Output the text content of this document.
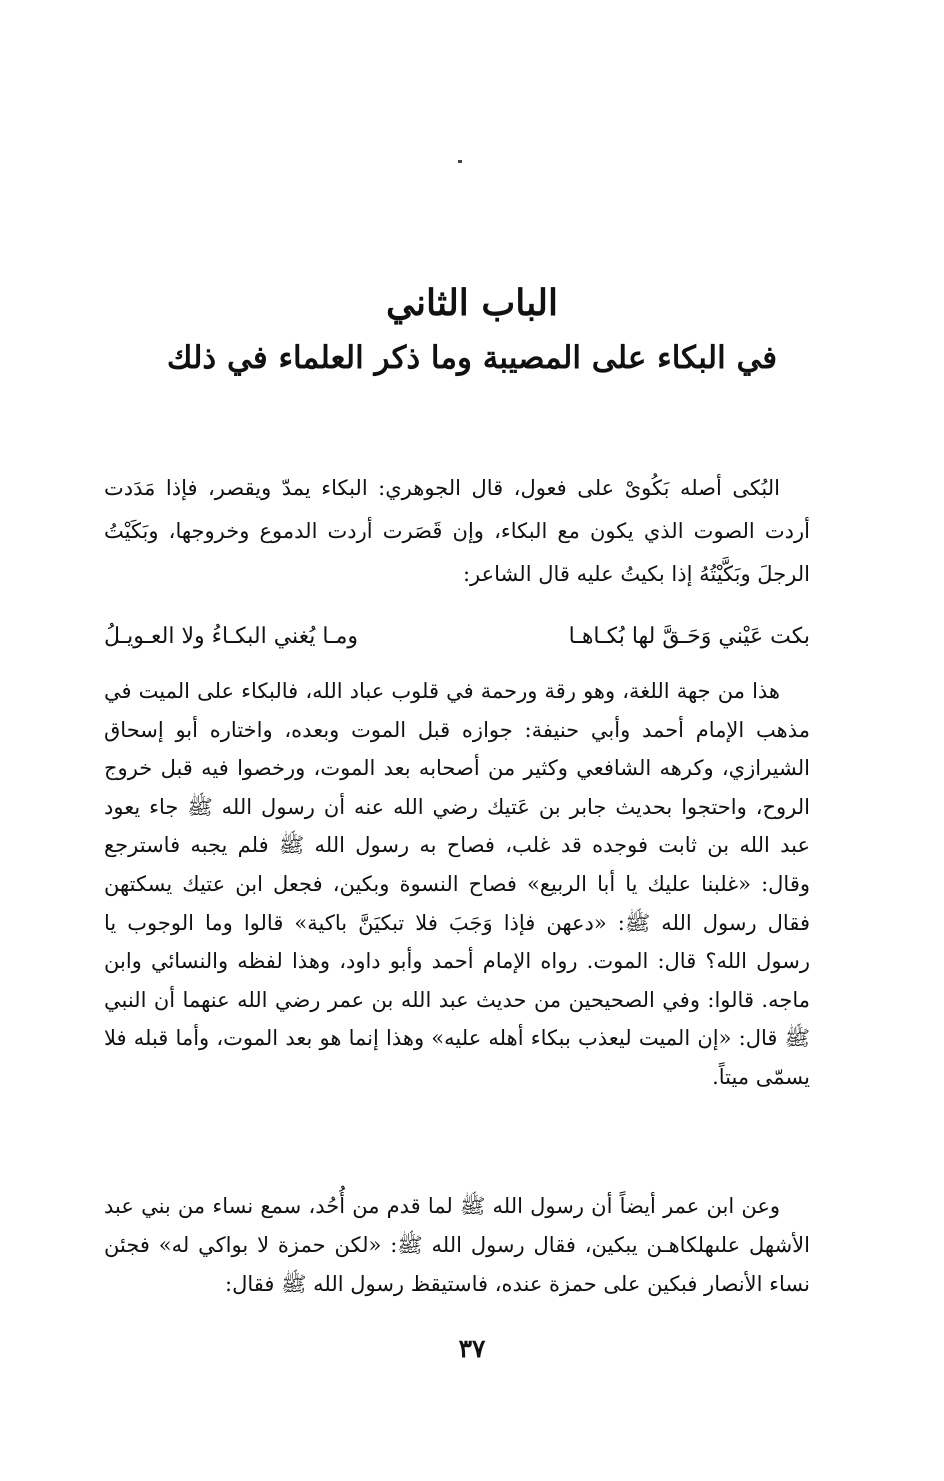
الباب الثاني
في البكاء على المصيبة وما ذكر العلماء في ذلك

البُكى أصله بَكُوىْ على فعول، قال الجوهري: البكاء يمدّ ويقصر، فإذا مَدَدت أردت الصوت الذي يكون مع البكاء، وإن قَصَرت أردت الدموع وخروجها، وبَكَيْتُ الرجلَ وبَكَّيْتُهُ إذا بكيتُ عليه قال الشاعر:

بكت عَيْني وَحَـقَّ لها بُكـاهـا
ومـا يُغني البكـاءُ ولا العـويـلُ

هذا من جهة اللغة، وهو رقة ورحمة في قلوب عباد الله، فالبكاء على الميت في مذهب الإمام أحمد وأبي حنيفة: جوازه قبل الموت وبعده، واختاره أبو إسحاق الشيرازي، وكرهه الشافعي وكثير من أصحابه بعد الموت، ورخصوا فيه قبل خروج الروح، واحتجوا بحديث جابر بن عَتيك رضي الله عنه أن رسول الله ﷺ جاء يعود عبد الله بن ثابت فوجده قد غلب، فصاح به رسول الله ﷺ فلم يجبه فاسترجع وقال: «غلبنا عليك يا أبا الربيع» فصاح النسوة وبكين، فجعل ابن عتيك يسكتهن فقال رسول الله ﷺ: «دعهن فإذا وَجَبَ فلا تبكيَنَّ باكية» قالوا وما الوجوب يا رسول الله؟ قال: الموت. رواه الإمام أحمد وأبو داود، وهذا لفظه والنسائي وابن ماجه. قالوا: وفي الصحيحين من حديث عبد الله بن عمر رضي الله عنهما أن النبي ﷺ قال: «إن الميت ليعذب ببكاء أهله عليه» وهذا إنما هو بعد الموت، وأما قبله فلا يسمّى ميتاً.

وعن ابن عمر أيضاً أن رسول الله ﷺ لما قدم من أُحُد، سمع نساء من بني عبد الأشهل علىهلكاهـن يبكين، فقال رسول الله ﷺ: «لكن حمزة لا بواكي له» فجئن نساء الأنصار فبكين على حمزة عنده، فاستيقظ رسول الله ﷺ فقال:

٣٧
